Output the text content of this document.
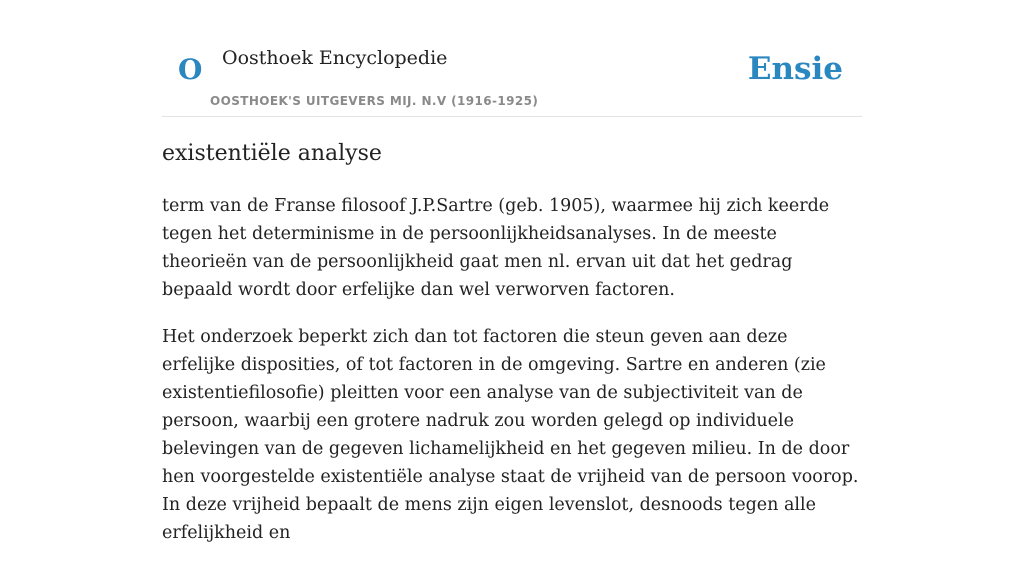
O Oosthoek Encyclopedie
OOSTHOEK'S UITGEVERS MIJ. N.V (1916-1925)
Ensie
existentiële analyse

term van de Franse filosoof J.P.Sartre (geb. 1905), waarmee hij zich keerde tegen het determinisme in de persoonlijkheidsanalyses. In de meeste theorieën van de persoonlijkheid gaat men nl. ervan uit dat het gedrag bepaald wordt door erfelijke dan wel verworven factoren.

Het onderzoek beperkt zich dan tot factoren die steun geven aan deze erfelijke disposities, of tot factoren in de omgeving. Sartre en anderen (zie existentiefilosofie) pleitten voor een analyse van de subjectiviteit van de persoon, waarbij een grotere nadruk zou worden gelegd op individuele belevingen van de gegeven lichamelijkheid en het gegeven milieu. In de door hen voorgestelde existentiële analyse staat de vrijheid van de persoon voorop. In deze vrijheid bepaalt de mens zijn eigen levenslot, desnoods tegen alle erfelijkheid en
